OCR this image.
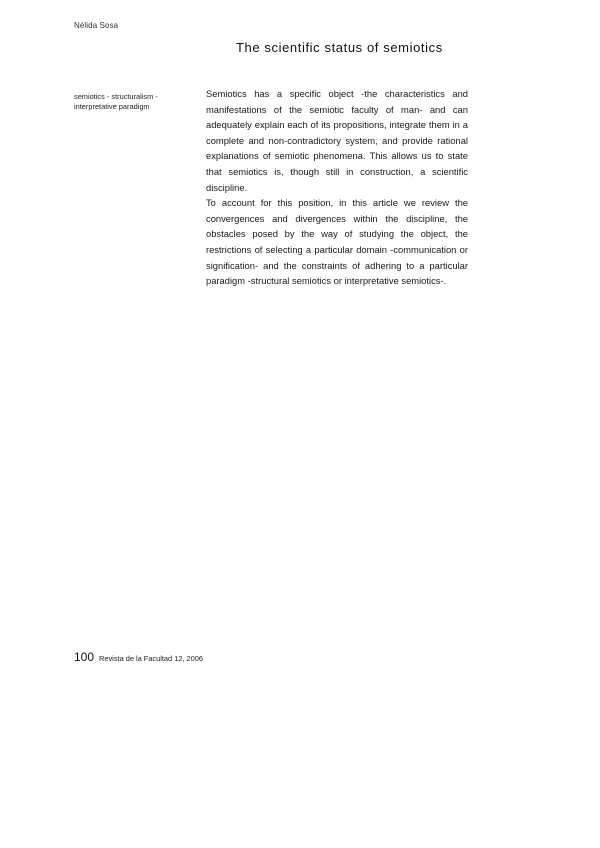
Nélida Sosa
The scientific status of semiotics
semiotics - structuralism - interpretative paradigm

Semiotics has a specific object -the characteristics and manifestations of the semiotic faculty of man- and can adequately explain each of its propositions, integrate them in a complete and non-contradictory system, and provide rational explanations of semiotic phenomena. This allows us to state that semiotics is, though still in construction, a scientific discipline.

To account for this position, in this article we review the convergences and divergences within the discipline, the obstacles posed by the way of studying the object, the restrictions of selecting a particular domain -communication or signification- and the constraints of adhering to a particular paradigm -structural semiotics or interpretative semiotics-.

100 Revista de la Facultad 12, 2006
